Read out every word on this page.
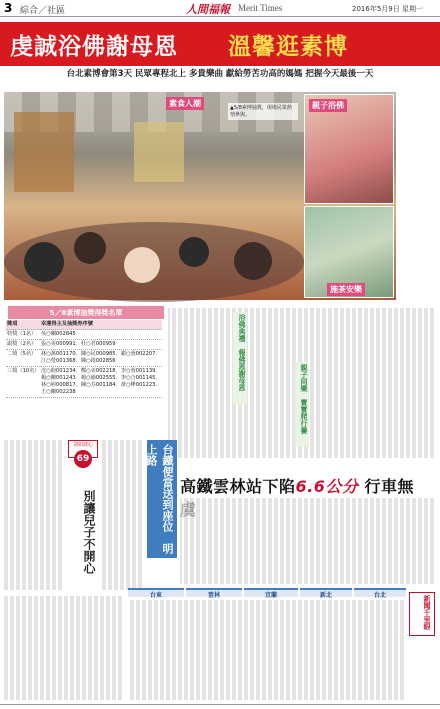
3 綜合／社區	人間福報 Merit Times	2016年5月9日 星期一
虔誠浴佛謝母恩 溫馨逛素博
台北素博會第3天 民眾專程北上 多貴樂曲 獻給勞苦功高的媽媽 把握今天最後一天
素食人潮	▲5/8素博抽獎，現場民眾熱情參與。
親子浴佛
施茶安樂
5／8素博抽獎得獎名單
獎項	幸運得主及抽獎券序號
特獎（1名）	吳○蘭002845
頭獎（2名）	張○美000991．杜○君000959
二獎（5名）	林○萬001170．陳○民000985．謝○蓉002207．江○瑩001368．陳○筠002856
三獎（10名）	沈○鈞001234．鄭○美002218．李○蓉001139．楊○蘭001243．楊○瑜002555．李○合001145．林○婷000817．陳○芬001184．黃○樺001223．王○蘭002238
浴佛典禮　報佛恩謝母恩
親子同樂　寶寶爬行賽
刘姐談心
69
別讓兒子不開心	台鐵便當送到座位　明上路
高鐵雲林站下陷6.6公分 行車無
台東	雲林	宜蘭	新北	台北	新聞千里眼
